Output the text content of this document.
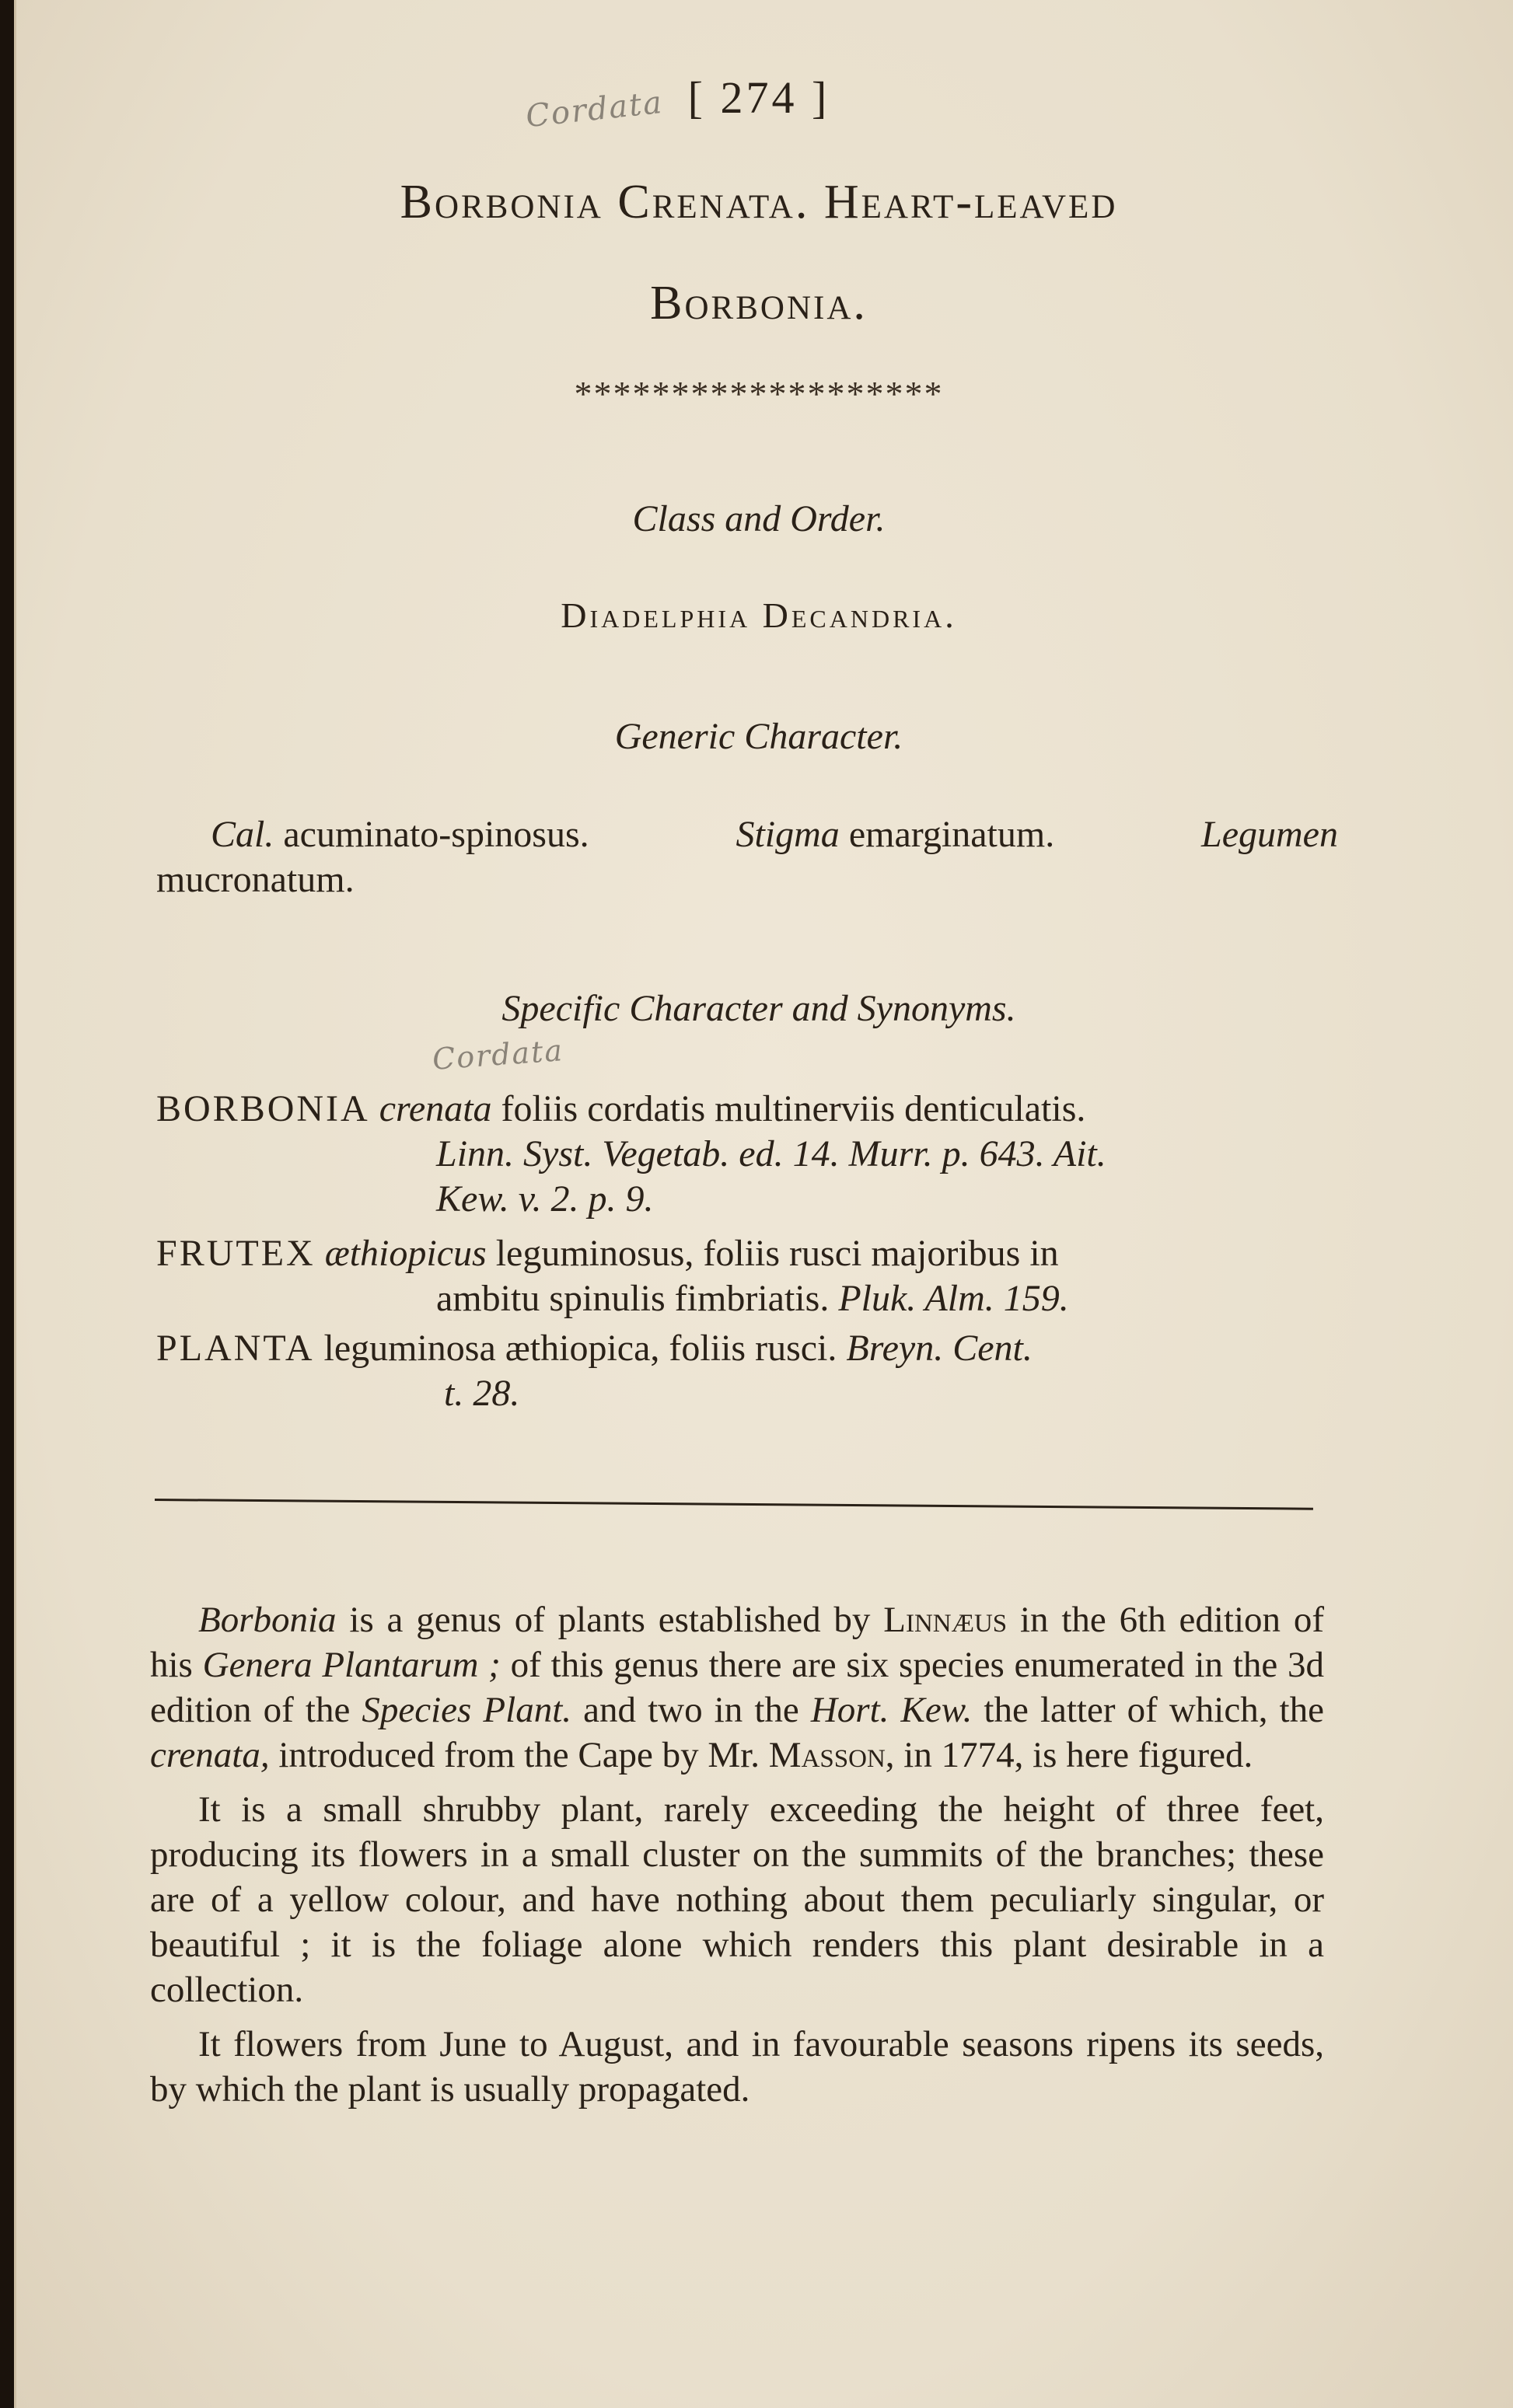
Cordata [ 274 ]
Borbonia Crenata. Heart-leaved
Borbonia.
*******************
Class and Order.
Diadelphia Decandria.
Generic Character.
Cal. acuminato-spinosus.	Stigma emarginatum.	Legumen
mucronatum.
Specific Character and Synonyms.
Cordata
BORBONIA crenata foliis cordatis multinerviis denticulatis.
Linn. Syst. Vegetab. ed. 14. Murr. p. 643. Ait.
Kew. v. 2. p. 9.
FRUTEX æthiopicus leguminosus, foliis rusci majoribus in
ambitu spinulis fimbriatis. Pluk. Alm. 159.
PLANTA leguminosa æthiopica, foliis rusci. Breyn. Cent.
t. 28.

Borbonia is a genus of plants established by Linnæus in the 6th edition of his Genera Plantarum ; of this genus there are six species enumerated in the 3d edition of the Species Plant. and two in the Hort. Kew. the latter of which, the crenata, introduced from the Cape by Mr. Masson, in 1774, is here figured.

It is a small shrubby plant, rarely exceeding the height of three feet, producing its flowers in a small cluster on the summits of the branches; these are of a yellow colour, and have nothing about them peculiarly singular, or beautiful ; it is the foliage alone which renders this plant desirable in a collection.

It flowers from June to August, and in favourable seasons ripens its seeds, by which the plant is usually propagated.
